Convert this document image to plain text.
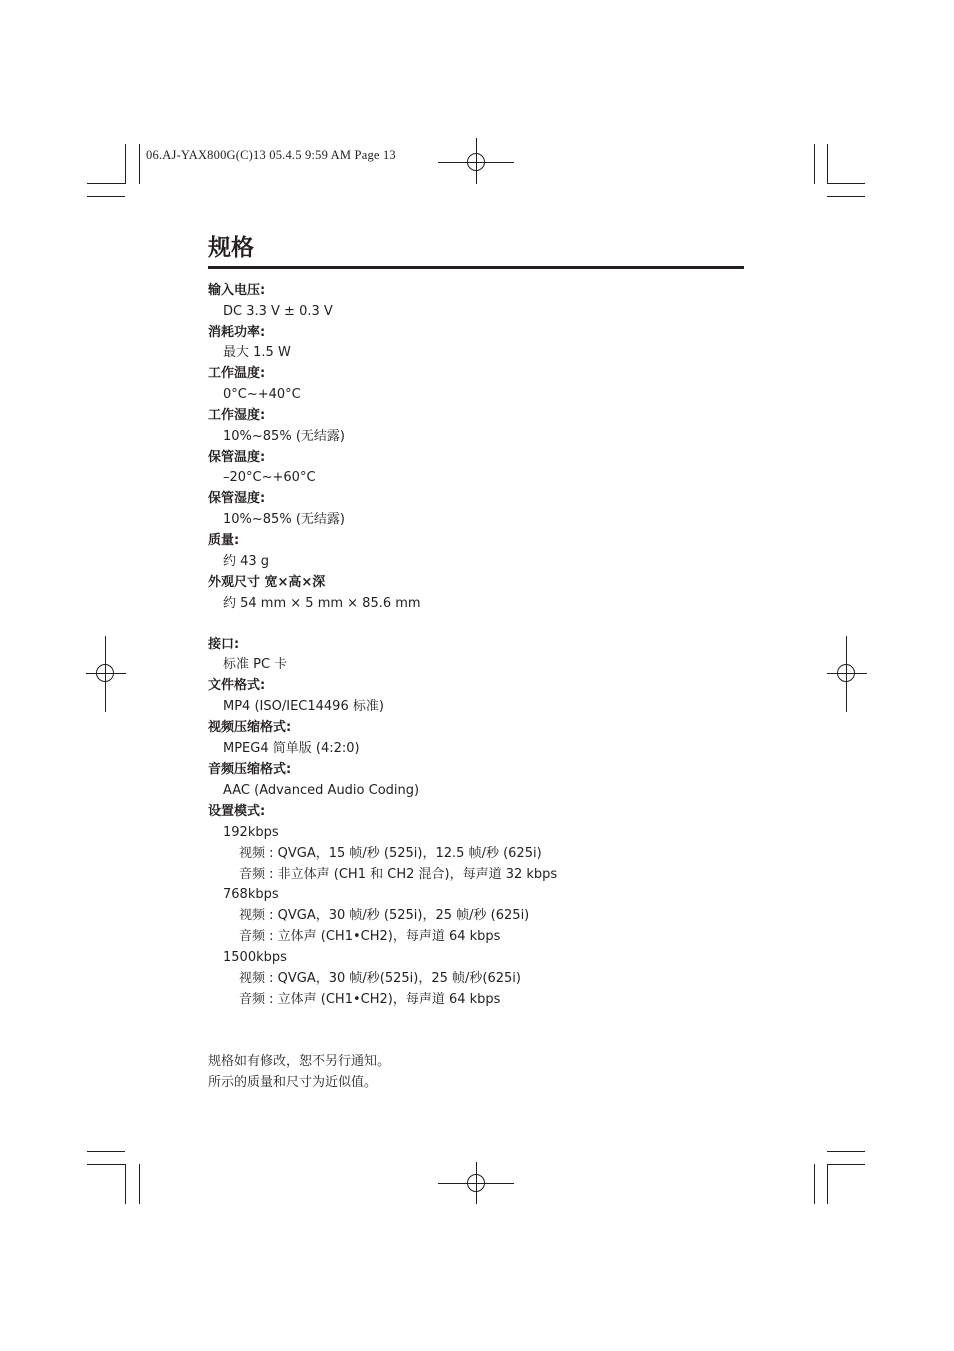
06.AJ-YAX800G(C)13 05.4.5 9:59 AM Page 13
规格
输入电压:
DC 3.3 V ± 0.3 V
消耗功率:
最大 1.5 W
工作温度:
0°C~+40°C
工作湿度:
10%~85% (无结露)
保管温度:
–20°C~+60°C
保管湿度:
10%~85% (无结露)
质量:
约 43 g
外观尺寸 宽×高×深
约 54 mm × 5 mm × 85.6 mm
接口:
标准 PC 卡
文件格式:
MP4 (ISO/IEC14496 标准)
视频压缩格式:
MPEG4 简单版 (4:2:0)
音频压缩格式:
AAC (Advanced Audio Coding)
设置模式:
192kbps
视频 : QVGA，15 帧/秒 (525i)，12.5 帧/秒 (625i)
音频 : 非立体声 (CH1 和 CH2 混合)，每声道 32 kbps
768kbps
视频 : QVGA，30 帧/秒 (525i)，25 帧/秒 (625i)
音频 : 立体声 (CH1•CH2)，每声道 64 kbps
1500kbps
视频 : QVGA，30 帧/秒(525i)，25 帧/秒(625i)
音频 : 立体声 (CH1•CH2)，每声道 64 kbps
规格如有修改，恕不另行通知。
所示的质量和尺寸为近似值。
